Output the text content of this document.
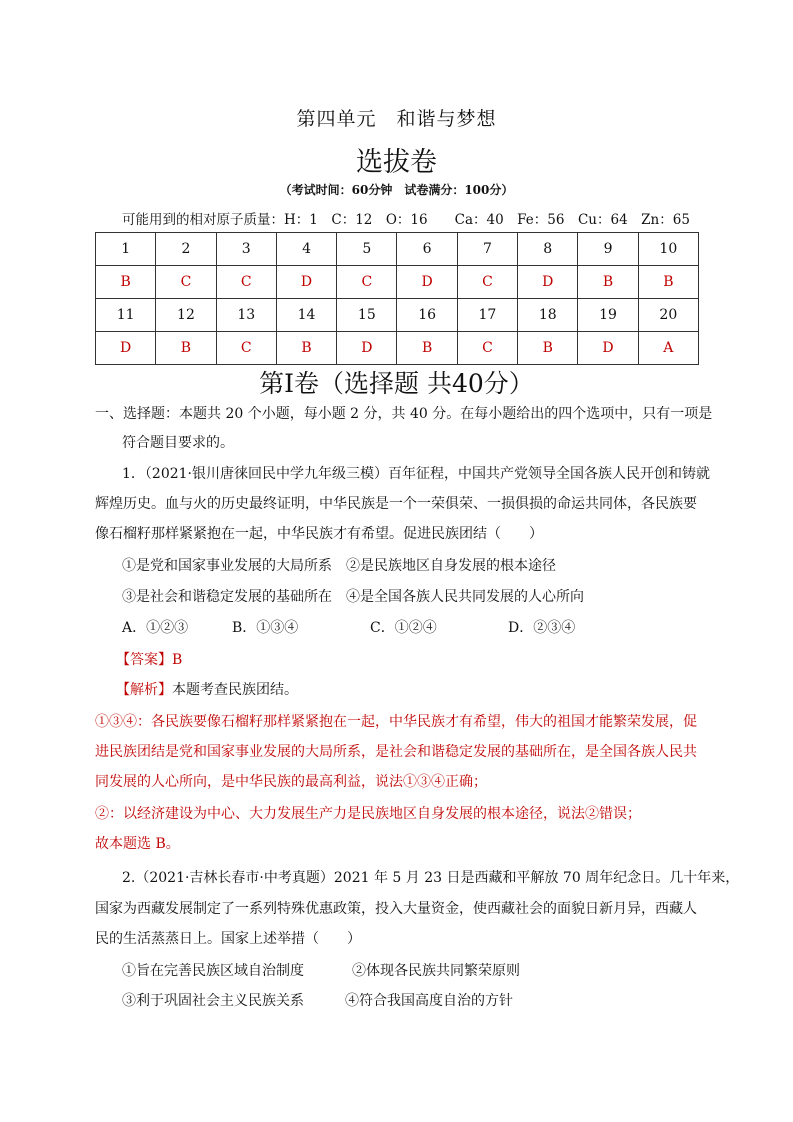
第四单元　和谐与梦想
选拔卷
（考试时间：60分钟　试卷满分：100分）
可能用到的相对原子质量：H：1　C：12　O：16　　Ca：40　Fe：56　Cu：64　Zn：65
1	2	3	4	5	6	7	8	9	10
B	C	C	D	C	D	C	D	B	B
11	12	13	14	15	16	17	18	19	20
D	B	C	B	D	B	C	B	D	A
第Ⅰ卷（选择题 共40分）
一、选择题：本题共 20 个小题，每小题 2 分，共 40 分。在每小题给出的四个选项中，只有一项是
符合题目要求的。
1．（2021·银川唐徕回民中学九年级三模）百年征程，中国共产党领导全国各族人民开创和铸就
辉煌历史。血与火的历史最终证明，中华民族是一个一荣俱荣、一损俱损的命运共同体，各民族要
像石榴籽那样紧紧抱在一起，中华民族才有希望。促进民族团结（　　）
①是党和国家事业发展的大局所系　②是民族地区自身发展的根本途径
③是社会和谐稳定发展的基础所在　④是全国各族人民共同发展的人心所向
A．①②③	B．①③④	C．①②④	D．②③④
【答案】B
【解析】本题考查民族团结。
①③④：各民族要像石榴籽那样紧紧抱在一起，中华民族才有希望，伟大的祖国才能繁荣发展，促
进民族团结是党和国家事业发展的大局所系，是社会和谐稳定发展的基础所在，是全国各族人民共
同发展的人心所向，是中华民族的最高利益，说法①③④正确；
②：以经济建设为中心、大力发展生产力是民族地区自身发展的根本途径，说法②错误；
故本题选 B。
2.（2021·吉林长春市·中考真题）2021 年 5 月 23 日是西藏和平解放 70 周年纪念日。几十年来，
国家为西藏发展制定了一系列特殊优惠政策，投入大量资金，使西藏社会的面貌日新月异，西藏人
民的生活蒸蒸日上。国家上述举措（　　）
①旨在完善民族区域自治制度	②体现各民族共同繁荣原则
③利于巩固社会主义民族关系	④符合我国高度自治的方针
